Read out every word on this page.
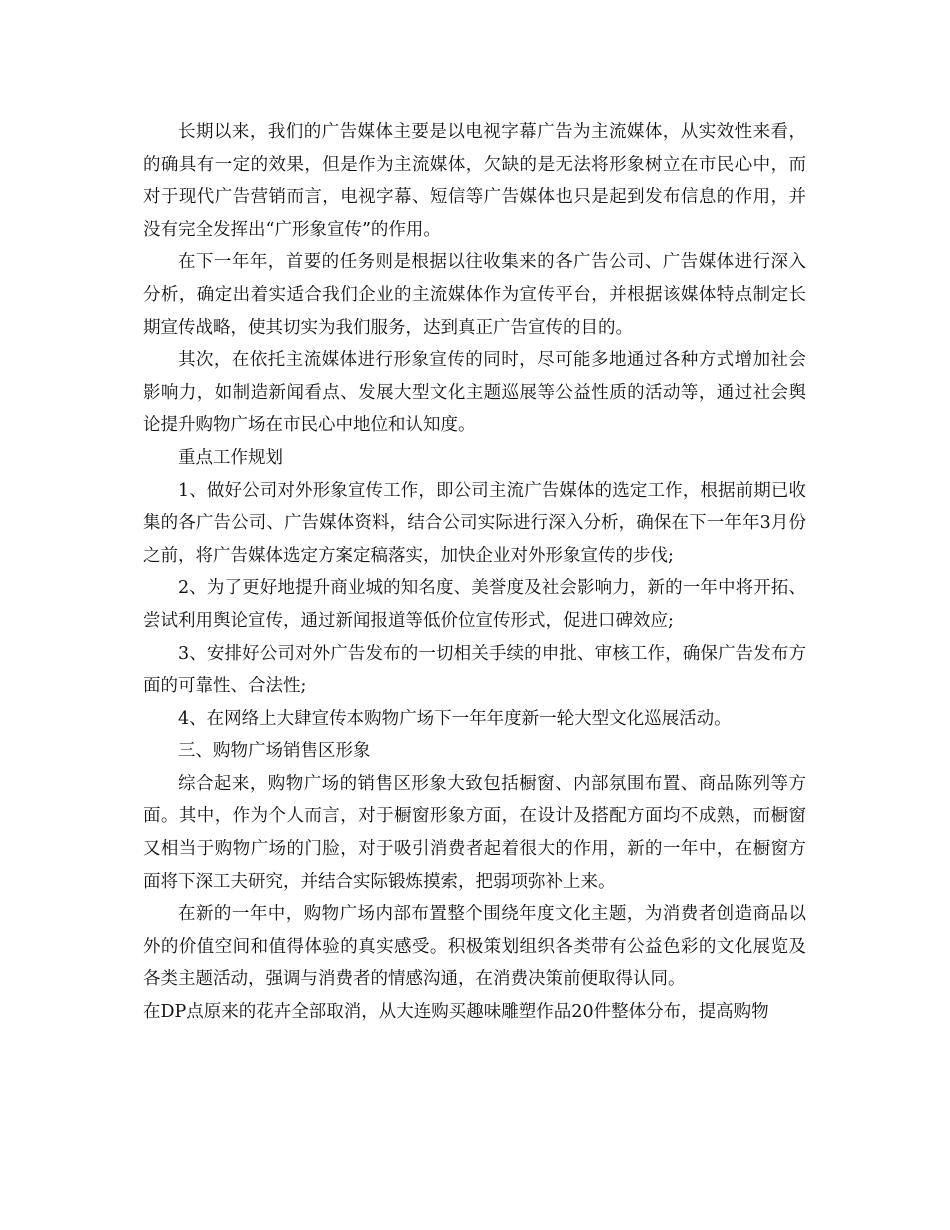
长期以来，我们的广告媒体主要是以电视字幕广告为主流媒体，从实效性来看，的确具有一定的效果，但是作为主流媒体，欠缺的是无法将形象树立在市民心中，而对于现代广告营销而言，电视字幕、短信等广告媒体也只是起到发布信息的作用，并没有完全发挥出“广形象宣传”的作用。

在下一年年，首要的任务则是根据以往收集来的各广告公司、广告媒体进行深入分析，确定出着实适合我们企业的主流媒体作为宣传平台，并根据该媒体特点制定长期宣传战略，使其切实为我们服务，达到真正广告宣传的目的。

其次，在依托主流媒体进行形象宣传的同时，尽可能多地通过各种方式增加社会影响力，如制造新闻看点、发展大型文化主题巡展等公益性质的活动等，通过社会舆论提升购物广场在市民心中地位和认知度。

重点工作规划

1、做好公司对外形象宣传工作，即公司主流广告媒体的选定工作，根据前期已收集的各广告公司、广告媒体资料，结合公司实际进行深入分析，确保在下一年年3月份之前，将广告媒体选定方案定稿落实，加快企业对外形象宣传的步伐;

2、为了更好地提升商业城的知名度、美誉度及社会影响力，新的一年中将开拓、尝试利用舆论宣传，通过新闻报道等低价位宣传形式，促进口碑效应;

3、安排好公司对外广告发布的一切相关手续的申批、审核工作，确保广告发布方面的可靠性、合法性;

4、在网络上大肆宣传本购物广场下一年年度新一轮大型文化巡展活动。

三、购物广场销售区形象

综合起来，购物广场的销售区形象大致包括橱窗、内部氛围布置、商品陈列等方面。其中，作为个人而言，对于橱窗形象方面，在设计及搭配方面均不成熟，而橱窗又相当于购物广场的门脸，对于吸引消费者起着很大的作用，新的一年中，在橱窗方面将下深工夫研究，并结合实际锻炼摸索，把弱项弥补上来。

在新的一年中，购物广场内部布置整个围绕年度文化主题，为消费者创造商品以外的价值空间和值得体验的真实感受。积极策划组织各类带有公益色彩的文化展览及各类主题活动，强调与消费者的情感沟通，在消费决策前便取得认同。

在DP点原来的花卉全部取消，从大连购买趣味雕塑作品20件整体分布，提高购物
